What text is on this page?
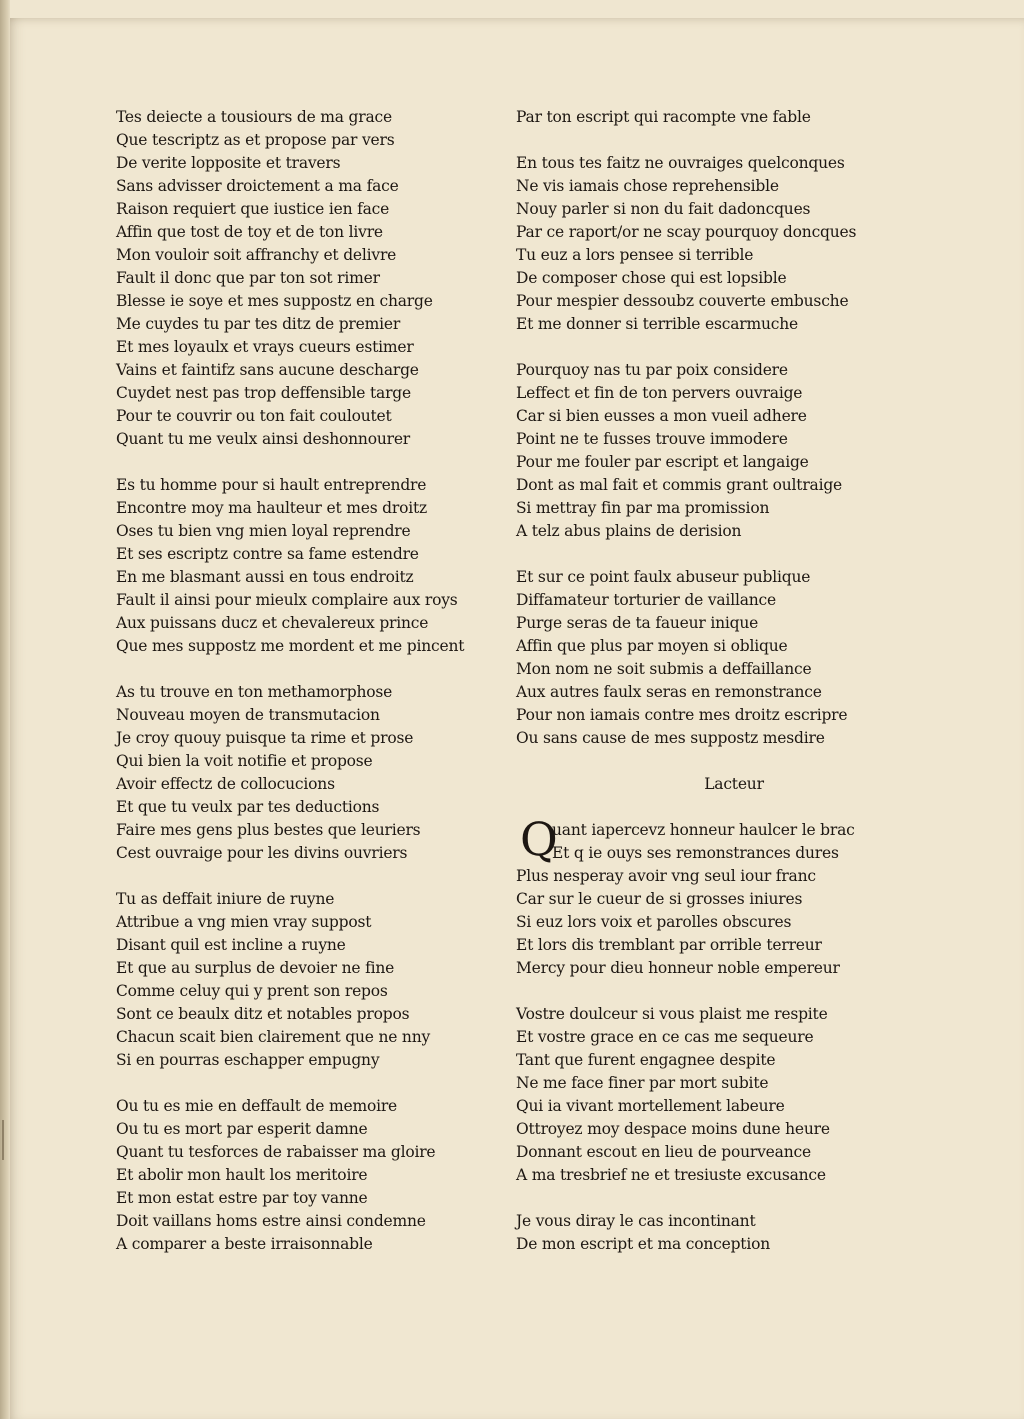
Tes deiecte a tousiours de ma grace
Que tescriptz as et propose par vers
De verite lopposite et travers
Sans advisser droictement a ma face
Raison requiert que iustice ien face
Affin que tost de toy et de ton livre
Mon vouloir soit affranchy et delivre
Fault il donc que par ton sot rimer
Blesse ie soye et mes suppostz en charge
Me cuydes tu par tes ditz de premier
Et mes loyaulx et vrays cueurs estimer
Vains et faintifz sans aucune descharge
Cuydet nest pas trop deffensible targe
Pour te couvrir ou ton fait couloutet
Quant tu me veulx ainsi deshonnourer
Es tu homme pour si hault entreprendre
Encontre moy ma haulteur et mes droitz
Oses tu bien vng mien loyal reprendre
Et ses escriptz contre sa fame estendre
En me blasmant aussi en tous endroitz
Fault il ainsi pour mieulx complaire aux roys
Aux puissans ducz et chevalereux prince
Que mes suppostz me mordent et me pincent
As tu trouve en ton methamorphose
Nouveau moyen de transmutacion
Je croy quouy puisque ta rime et prose
Qui bien la voit notifie et propose
Avoir effectz de collocucions
Et que tu veulx par tes deductions
Faire mes gens plus bestes que leuriers
Cest ouvraige pour les divins ouvriers
Tu as deffait iniure de ruyne
Attribue a vng mien vray suppost
Disant quil est incline a ruyne
Et que au surplus de devoier ne fine
Comme celuy qui y prent son repos
Sont ce beaulx ditz et notables propos
Chacun scait bien clairement que ne nny
Si en pourras eschapper empugny
Ou tu es mie en deffault de memoire
Ou tu es mort par esperit damne
Quant tu tesforces de rabaisser ma gloire
Et abolir mon hault los meritoire
Et mon estat estre par toy vanne
Doit vaillans homs estre ainsi condemne
A comparer a beste irraisonnable
Par ton escript qui racompte vne fable
En tous tes faitz ne ouvraiges quelconques
Ne vis iamais chose reprehensible
Nouy parler si non du fait dadoncques
Par ce raport/or ne scay pourquoy doncques
Tu euz a lors pensee si terrible
De composer chose qui est lopsible
Pour mespier dessoubz couverte embusche
Et me donner si terrible escarmuche
Pourquoy nas tu par poix considere
Leffect et fin de ton pervers ouvraige
Car si bien eusses a mon vueil adhere
Point ne te fusses trouve immodere
Pour me fouler par escript et langaige
Dont as mal fait et commis grant oultraige
Si mettray fin par ma promission
A telz abus plains de derision
Et sur ce point faulx abuseur publique
Diffamateur torturier de vaillance
Purge seras de ta faueur inique
Affin que plus par moyen si oblique
Mon nom ne soit submis a deffaillance
Aux autres faulx seras en remonstrance
Pour non iamais contre mes droitz escripre
Ou sans cause de mes suppostz mesdire
Lacteur
Q
uant iapercevz honneur haulcer le brac
Et q ie ouys ses remonstrances dures
Plus nesperay avoir vng seul iour franc
Car sur le cueur de si grosses iniures
Si euz lors voix et parolles obscures
Et lors dis tremblant par orrible terreur
Mercy pour dieu honneur noble empereur
Vostre doulceur si vous plaist me respite
Et vostre grace en ce cas me sequeure
Tant que furent engagnee despite
Ne me face finer par mort subite
Qui ia vivant mortellement labeure
Ottroyez moy despace moins dune heure
Donnant escout en lieu de pourveance
A ma tresbrief ne et tresiuste excusance
Je vous diray le cas incontinant
De mon escript et ma conception
